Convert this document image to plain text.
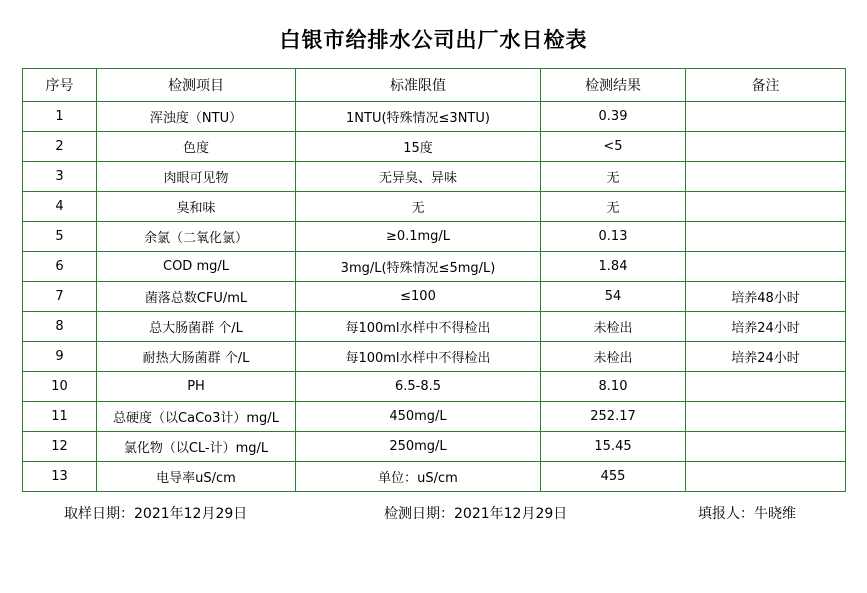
白银市给排水公司出厂水日检表
序号	检测项目	标准限值	检测结果	备注
1	浑浊度（NTU）	1NTU(特殊情况≤3NTU)	0.39	
2	色度	15度	<5	
3	肉眼可见物	无异臭、异味	无	
4	臭和味	无	无	
5	余氯（二氧化氯）	≥0.1mg/L	0.13	
6	COD mg/L	3mg/L(特殊情况≤5mg/L)	1.84	
7	菌落总数CFU/mL	≤100	54	培养48小时
8	总大肠菌群 个/L	每100ml水样中不得检出	未检出	培养24小时
9	耐热大肠菌群 个/L	每100ml水样中不得检出	未检出	培养24小时
10	PH	6.5-8.5	8.10	
11	总硬度（以CaCo3计）mg/L	450mg/L	252.17	
12	氯化物（以CL-计）mg/L	250mg/L	15.45	
13	电导率uS/cm	单位：uS/cm	455	
取样日期：2021年12月29日	检测日期：2021年12月29日	填报人：牛晓维
